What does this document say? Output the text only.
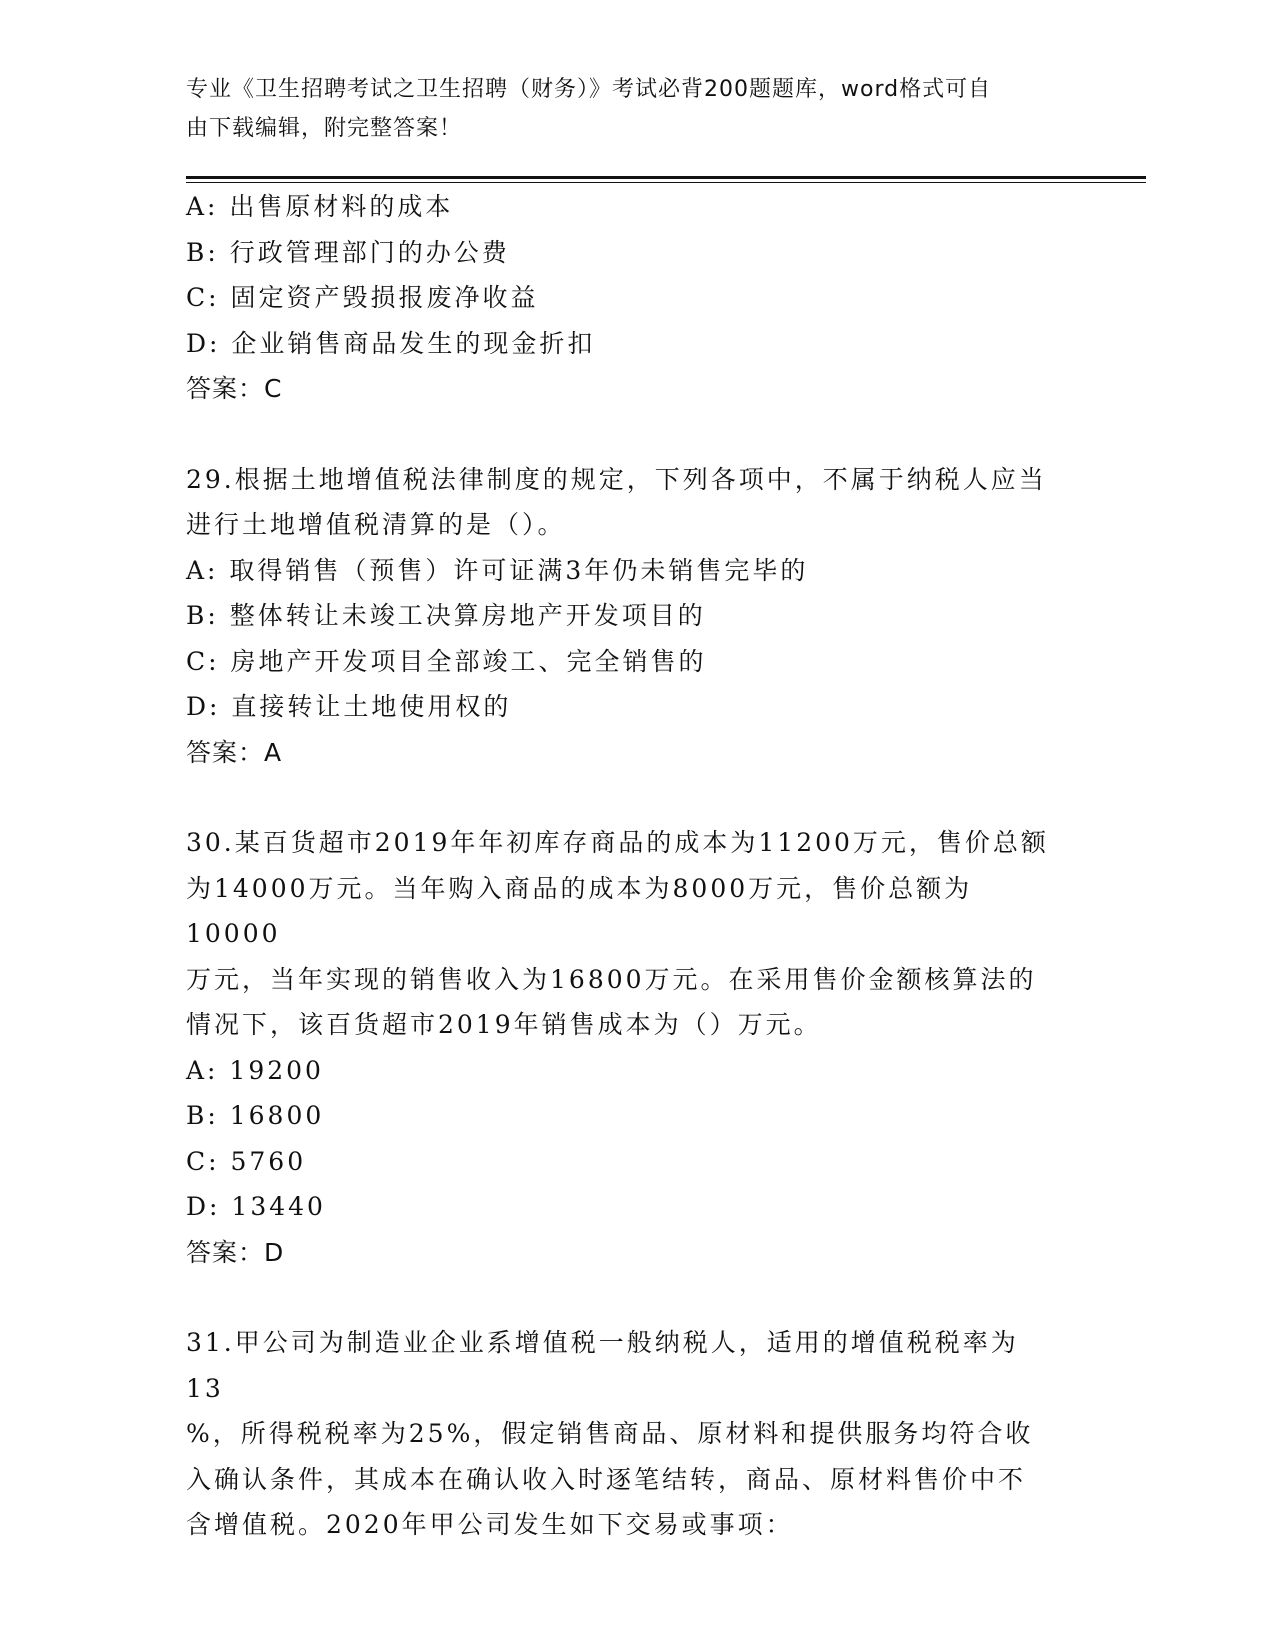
专业《卫生招聘考试之卫生招聘（财务）》考试必背200题题库，word格式可自
由下载编辑，附完整答案！
A: 出售原材料的成本
B: 行政管理部门的办公费
C: 固定资产毁损报废净收益
D: 企业销售商品发生的现金折扣
答案：C
29.根据土地增值税法律制度的规定，下列各项中，不属于纳税人应当
进行土地增值税清算的是（）。
A: 取得销售（预售）许可证满3年仍未销售完毕的
B: 整体转让未竣工决算房地产开发项目的
C: 房地产开发项目全部竣工、完全销售的
D: 直接转让土地使用权的
答案：A
30.某百货超市2019年年初库存商品的成本为11200万元，售价总额
为14000万元。当年购入商品的成本为8000万元，售价总额为10000
万元，当年实现的销售收入为16800万元。在采用售价金额核算法的
情况下，该百货超市2019年销售成本为（）万元。
A: 19200
B: 16800
C: 5760
D: 13440
答案：D
31.甲公司为制造业企业系增值税一般纳税人，适用的增值税税率为13
%，所得税税率为25%，假定销售商品、原材料和提供服务均符合收
入确认条件，其成本在确认收入时逐笔结转，商品、原材料售价中不
含增值税。2020年甲公司发生如下交易或事项：
